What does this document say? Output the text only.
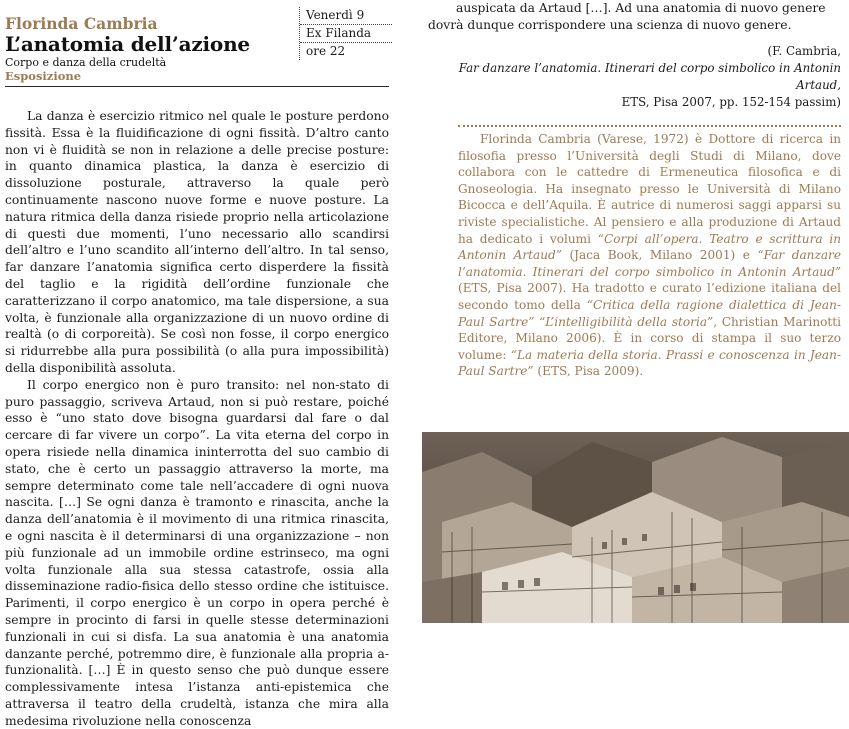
Florinda Cambria
L’anatomia dell’azione
Corpo e danza della crudeltà
Esposizione
Venerdì 9
Ex Filanda
ore 22

La danza è esercizio ritmico nel quale le posture perdono fissità. Essa è la fluidificazione di ogni fissità. D’altro canto non vi è fluidità se non in relazione a delle precise posture: in quanto dinamica plastica, la danza è esercizio di dissoluzione posturale, attraverso la quale però continuamente nascono nuove forme e nuove posture. La natura ritmica della danza risiede proprio nella articolazione di questi due momenti, l’uno necessario allo scandirsi dell’altro e l’uno scandito all’interno dell’altro. In tal senso, far danzare l’anatomia significa certo disperdere la fissità del taglio e la rigidità dell’ordine funzionale che caratterizzano il corpo anatomico, ma tale dispersione, a sua volta, è funzionale alla organizzazione di un nuovo ordine di realtà (o di corporeità). Se così non fosse, il corpo energico si ridurrebbe alla pura possibilità (o alla pura impossibilità) della disponibilità assoluta.

Il corpo energico non è puro transito: nel non-stato di puro passaggio, scriveva Artaud, non si può restare, poiché esso è “uno stato dove bisogna guardarsi dal fare o dal cercare di far vivere un corpo”. La vita eterna del corpo in opera risiede nella dinamica ininterrotta del suo cambio di stato, che è certo un passaggio attraverso la morte, ma sempre determinato come tale nell’accadere di ogni nuova nascita. […] Se ogni danza è tramonto e rinascita, anche la danza dell’anatomia è il movimento di una ritmica rinascita, e ogni nascita è il determinarsi di una organizzazione – non più funzionale ad un immobile ordine estrinseco, ma ogni volta funzionale alla sua stessa catastrofe, ossia alla disseminazione radio-fisica dello stesso ordine che istituisce. Parimenti, il corpo energico è un corpo in opera perché è sempre in procinto di farsi in quelle stesse determinazioni funzionali in cui si disfa. La sua anatomia è una anatomia danzante perché, potremmo dire, è funzionale alla propria a-funzionalità. […] È in questo senso che può dunque essere complessivamente intesa l’istanza anti-epistemica che attraversa il teatro della crudeltà, istanza che mira alla medesima rivoluzione nella conoscenza

auspicata da Artaud […]. Ad una anatomia di nuovo genere dovrà dunque corrispondere una scienza di nuovo genere.

(F. Cambria,
Far danzare l’anatomia. Itinerari del corpo simbolico in Antonin Artaud,
ETS, Pisa 2007, pp. 152-154 passim)

Florinda Cambria (Varese, 1972) è Dottore di ricerca in filosofia presso l’Università degli Studi di Milano, dove collabora con le cattedre di Ermeneutica filosofica e di Gnoseologia. Ha insegnato presso le Università di Milano Bicocca e dell’Aquila. È autrice di numerosi saggi apparsi su riviste specialistiche. Al pensiero e alla produzione di Artaud ha dedicato i volumi “Corpi all’opera. Teatro e scrittura in Antonin Artaud” (Jaca Book, Milano 2001) e “Far danzare l’anatomia. Itinerari del corpo simbolico in Antonin Artaud” (ETS, Pisa 2007). Ha tradotto e curato l’edizione italiana del secondo tomo della “Critica della ragione dialettica di Jean-Paul Sartre” “L’intelligibilità della storia”, Christian Marinotti Editore, Milano 2006). È in corso di stampa il suo terzo volume: “La materia della storia. Prassi e conoscenza in Jean-Paul Sartre” (ETS, Pisa 2009).
